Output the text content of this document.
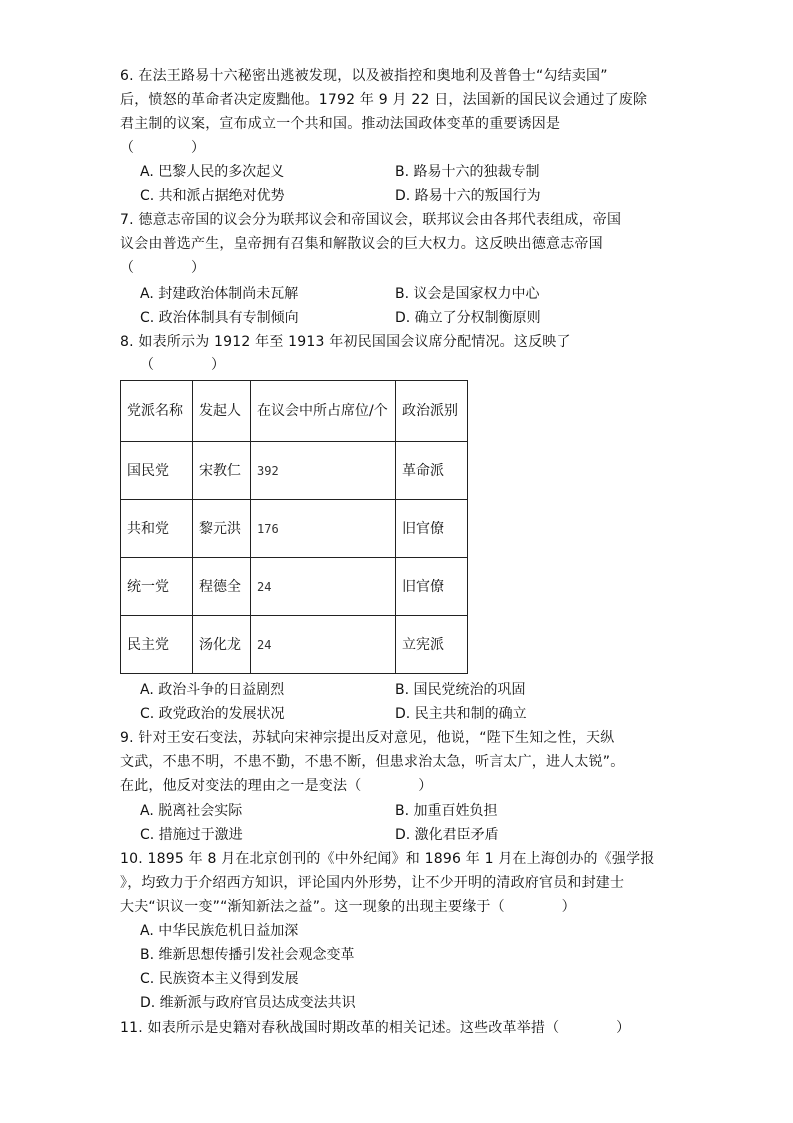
6. 在法王路易十六秘密出逃被发现，以及被指控和奥地利及普鲁士“勾结卖国”
后，愤怒的革命者决定废黜他。1792 年 9 月 22 日，法国新的国民议会通过了废除
君主制的议案，宣布成立一个共和国。推动法国政体变革的重要诱因是
（　　　　）
A. 巴黎人民的多次起义	B. 路易十六的独裁专制
C. 共和派占据绝对优势	D. 路易十六的叛国行为
7. 德意志帝国的议会分为联邦议会和帝国议会，联邦议会由各邦代表组成，帝国
议会由普选产生，皇帝拥有召集和解散议会的巨大权力。这反映出德意志帝国
（　　　　）
A. 封建政治体制尚未瓦解	B. 议会是国家权力中心
C. 政治体制具有专制倾向	D. 确立了分权制衡原则
8. 如表所示为 1912 年至 1913 年初民国国会议席分配情况。这反映了
（　　　　）
党派名称	发起人	在议会中所占席位/个	政治派别
国民党	宋教仁	392	革命派
共和党	黎元洪	176	旧官僚
统一党	程德全	24	旧官僚
民主党	汤化龙	24	立宪派
A. 政治斗争的日益剧烈	B. 国民党统治的巩固
C. 政党政治的发展状况	D. 民主共和制的确立
9. 针对王安石变法，苏轼向宋神宗提出反对意见，他说，“陛下生知之性，天纵
文武，不患不明，不患不勤，不患不断，但患求治太急，听言太广，进人太锐”。
在此，他反对变法的理由之一是变法（　　　　）
A. 脱离社会实际	B. 加重百姓负担
C. 措施过于激进	D. 激化君臣矛盾
10. 1895 年 8 月在北京创刊的《中外纪闻》和 1896 年 1 月在上海创办的《强学报
》，均致力于介绍西方知识，评论国内外形势，让不少开明的清政府官员和封建士
大夫“识议一变”“渐知新法之益”。这一现象的出现主要缘于（　　　　）
A. 中华民族危机日益加深
B. 维新思想传播引发社会观念变革
C. 民族资本主义得到发展
D. 维新派与政府官员达成变法共识
11. 如表所示是史籍对春秋战国时期改革的相关记述。这些改革举措（　　　　）
